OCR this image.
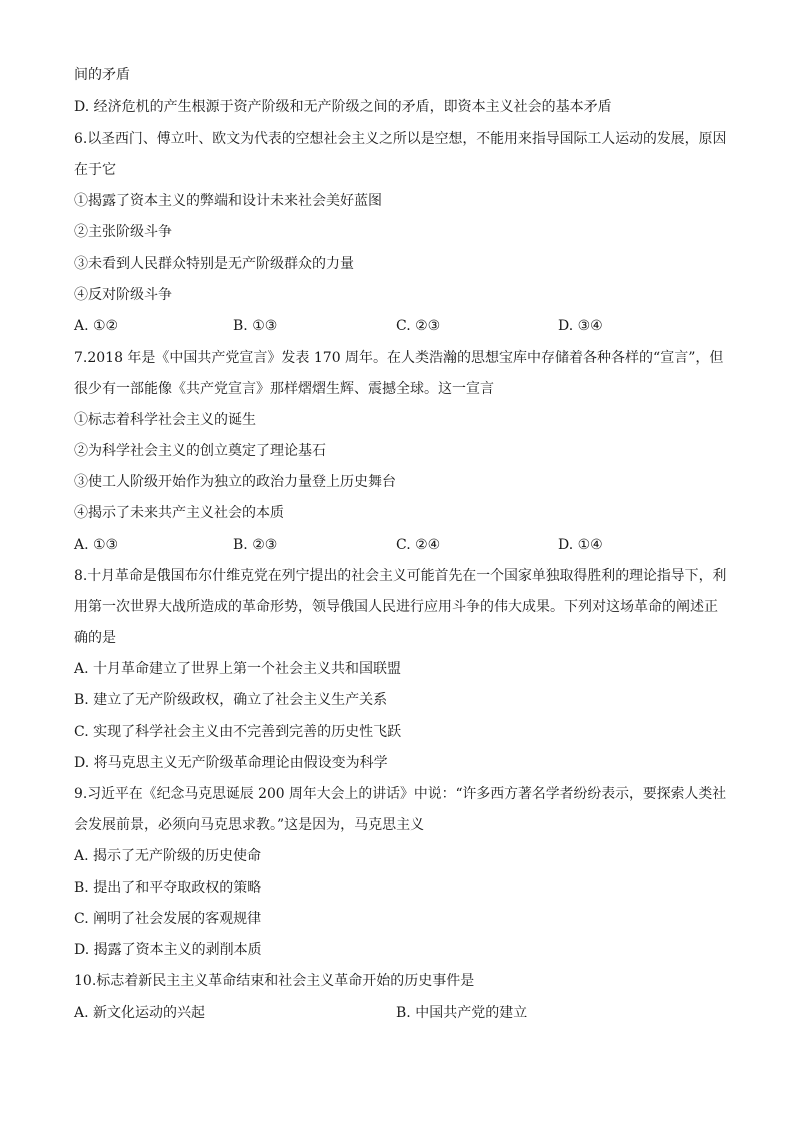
间的矛盾
D. 经济危机的产生根源于资产阶级和无产阶级之间的矛盾，即资本主义社会的基本矛盾
6.以圣西门、傅立叶、欧文为代表的空想社会主义之所以是空想，不能用来指导国际工人运动的发展，原因
在于它
①揭露了资本主义的弊端和设计未来社会美好蓝图
②主张阶级斗争
③未看到人民群众特别是无产阶级群众的力量
④反对阶级斗争
A. ①②	B. ①③	C. ②③	D. ③④
7.2018 年是《中国共产党宣言》发表 170 周年。在人类浩瀚的思想宝库中存储着各种各样的“宣言”，但
很少有一部能像《共产党宣言》那样熠熠生辉、震撼全球。这一宣言
①标志着科学社会主义的诞生
②为科学社会主义的创立奠定了理论基石
③使工人阶级开始作为独立的政治力量登上历史舞台
④揭示了未来共产主义社会的本质
A. ①③	B. ②③	C. ②④	D. ①④
8.十月革命是俄国布尔什维克党在列宁提出的社会主义可能首先在一个国家单独取得胜利的理论指导下，利
用第一次世界大战所造成的革命形势，领导俄国人民进行应用斗争的伟大成果。下列对这场革命的阐述正
确的是
A. 十月革命建立了世界上第一个社会主义共和国联盟
B. 建立了无产阶级政权，确立了社会主义生产关系
C. 实现了科学社会主义由不完善到完善的历史性飞跃
D. 将马克思主义无产阶级革命理论由假设变为科学
9.习近平在《纪念马克思诞辰 200 周年大会上的讲话》中说：“许多西方著名学者纷纷表示，要探索人类社
会发展前景，必须向马克思求教。”这是因为，马克思主义
A. 揭示了无产阶级的历史使命
B. 提出了和平夺取政权的策略
C. 阐明了社会发展的客观规律
D. 揭露了资本主义的剥削本质
10.标志着新民主主义革命结束和社会主义革命开始的历史事件是
A. 新文化运动的兴起	B. 中国共产党的建立
